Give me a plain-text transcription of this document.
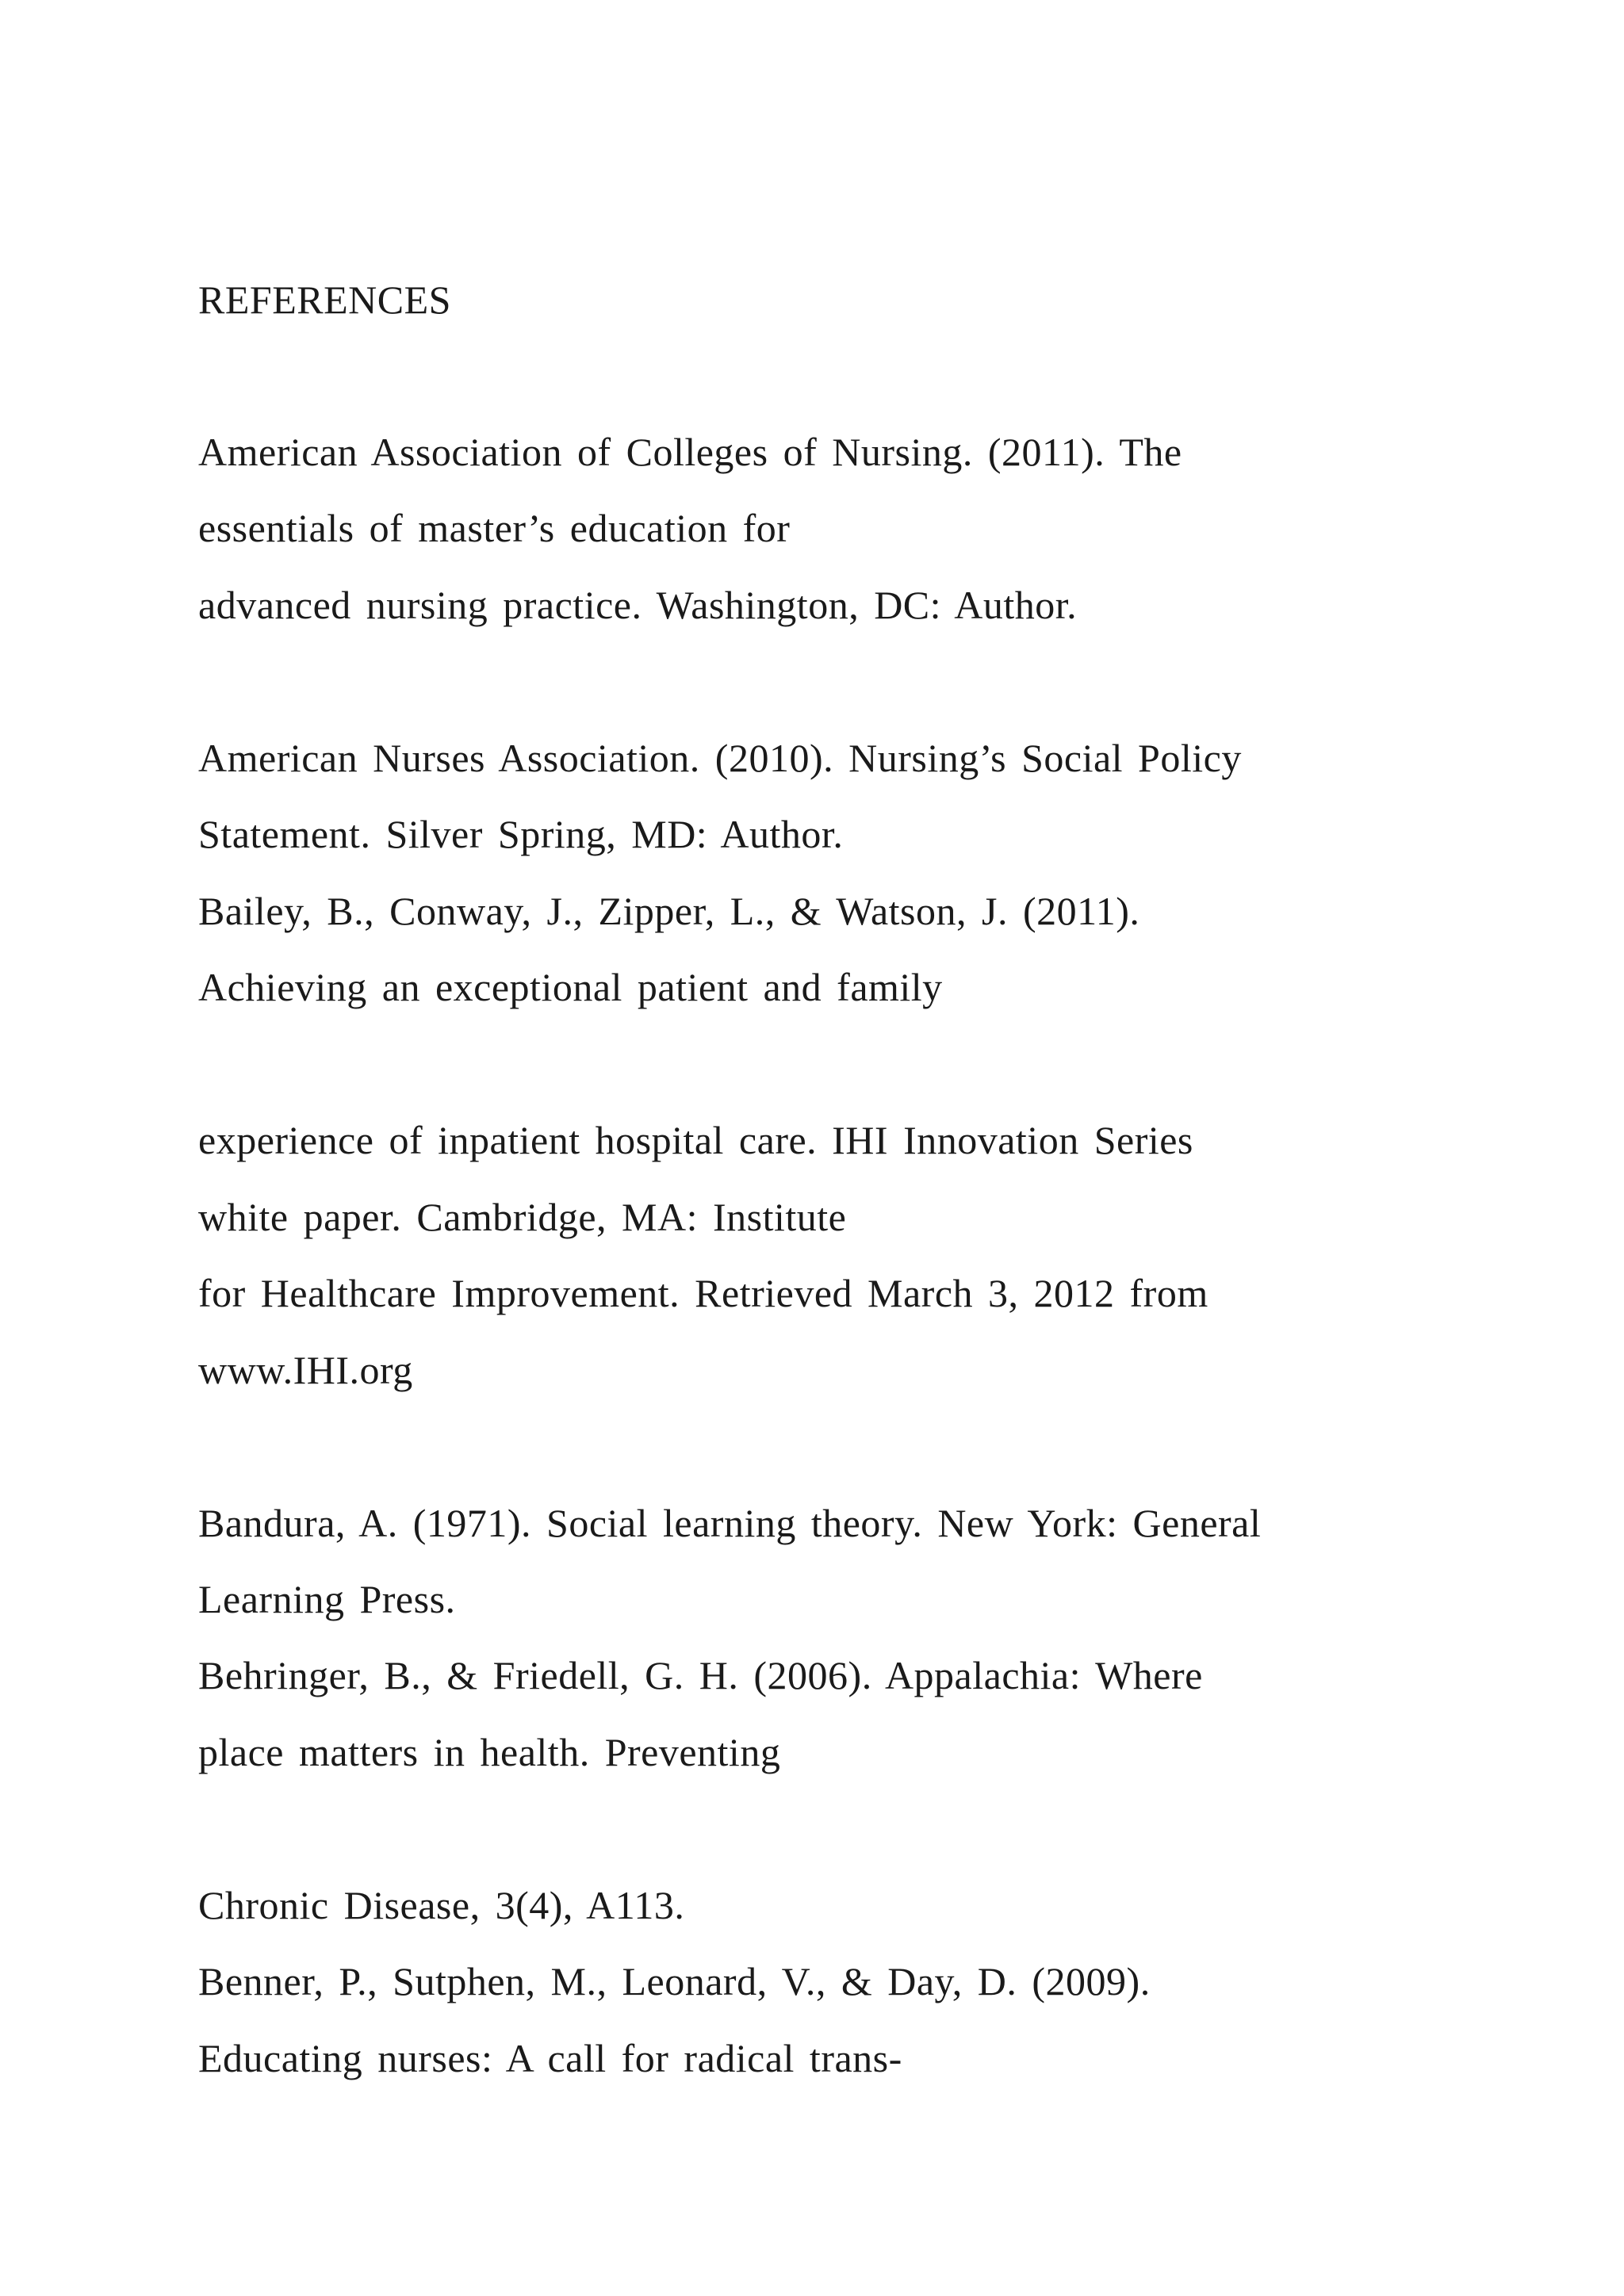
REFERENCES

American Association of Colleges of Nursing. (2011). The

essentials of master’s education for

advanced nursing practice. Washington, DC: Author.

American Nurses Association. (2010). Nursing’s Social Policy

Statement. Silver Spring, MD: Author.

Bailey, B., Conway, J., Zipper, L., & Watson, J. (2011).

Achieving an exceptional patient and family

experience of inpatient hospital care. IHI Innovation Series

white paper. Cambridge, MA: Institute

for Healthcare Improvement. Retrieved March 3, 2012 from

www.IHI.org

Bandura, A. (1971). Social learning theory. New York: General

Learning Press.

Behringer, B., & Friedell, G. H. (2006). Appalachia: Where

place matters in health. Preventing

Chronic Disease, 3(4), A113.

Benner, P., Sutphen, M., Leonard, V., & Day, D. (2009).

Educating nurses: A call for radical trans-
